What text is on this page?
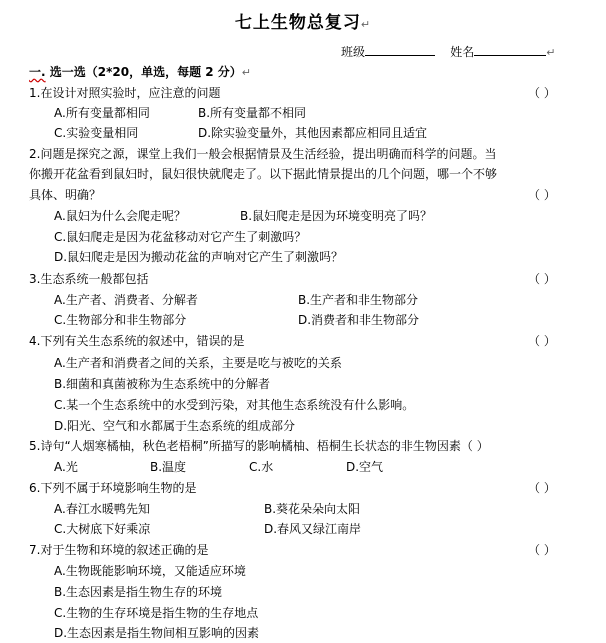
七上生物总复习↵
班级	姓名	↵
一. 选一选（2*20，单选，每题 2 分）↵
1.在设计对照实验时，应注意的问题	（ ）
A.所有变量都相同	B.所有变量都不相同
C.实验变量相同	D.除实验变量外，其他因素都应相同且适宜
2.问题是探究之源，课堂上我们一般会根据情景及生活经验，提出明确而科学的问题。当
你搬开花盆看到鼠妇时，鼠妇很快就爬走了。以下据此情景提出的几个问题，哪一个不够
具体、明确？	（ ）
A.鼠妇为什么会爬走呢？	B.鼠妇爬走是因为环境变明亮了吗？
C.鼠妇爬走是因为花盆移动对它产生了刺激吗？
D.鼠妇爬走是因为搬动花盆的声响对它产生了刺激吗？
3.生态系统一般都包括	（ ）
A.生产者、消费者、分解者	B.生产者和非生物部分
C.生物部分和非生物部分	D.消费者和非生物部分
4.下列有关生态系统的叙述中，错误的是	（ ）
A.生产者和消费者之间的关系，主要是吃与被吃的关系
B.细菌和真菌被称为生态系统中的分解者
C.某一个生态系统中的水受到污染，对其他生态系统没有什么影响。
D.阳光、空气和水都属于生态系统的组成部分
5.诗句“人烟寒橘柚，秋色老梧桐”所描写的影响橘柚、梧桐生长状态的非生物因素（ ）
A.光	B.温度	C.水	D.空气
6.下列不属于环境影响生物的是	（ ）
A.春江水暖鸭先知	B.葵花朵朵向太阳
C.大树底下好乘凉	D.春风又绿江南岸
7.对于生物和环境的叙述正确的是	（ ）
A.生物既能影响环境，又能适应环境
B.生态因素是指生物生存的环境
C.生物的生存环境是指生物的生存地点
D.生态因素是指生物间相互影响的因素
